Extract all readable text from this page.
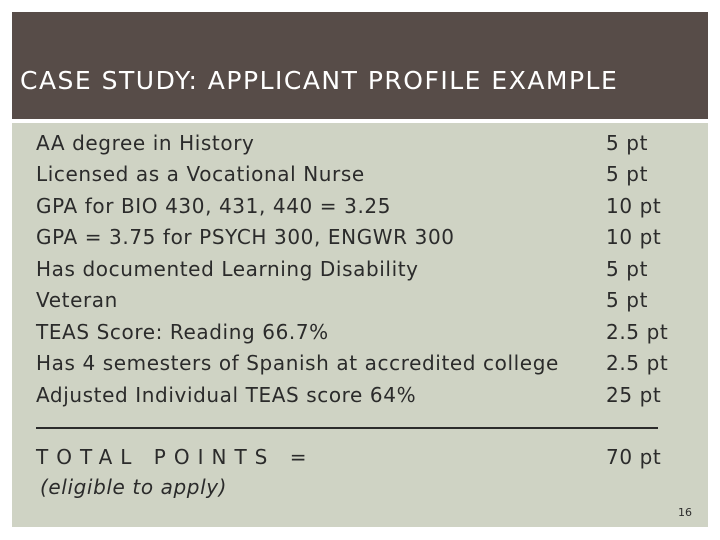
CASE STUDY: APPLICANT PROFILE EXAMPLE
AA degree in History	5 pt
Licensed as a Vocational Nurse	5 pt
GPA for BIO 430, 431, 440 = 3.25	10 pt
GPA = 3.75 for PSYCH 300, ENGWR 300	10 pt
Has documented Learning Disability	5 pt
Veteran	5 pt
TEAS Score: Reading 66.7%	2.5 pt
Has 4 semesters of Spanish at accredited college 2.5 pt
Adjusted Individual TEAS score 64%	25 pt
TOTAL POINTS =	70 pt
(eligible to apply)
16
